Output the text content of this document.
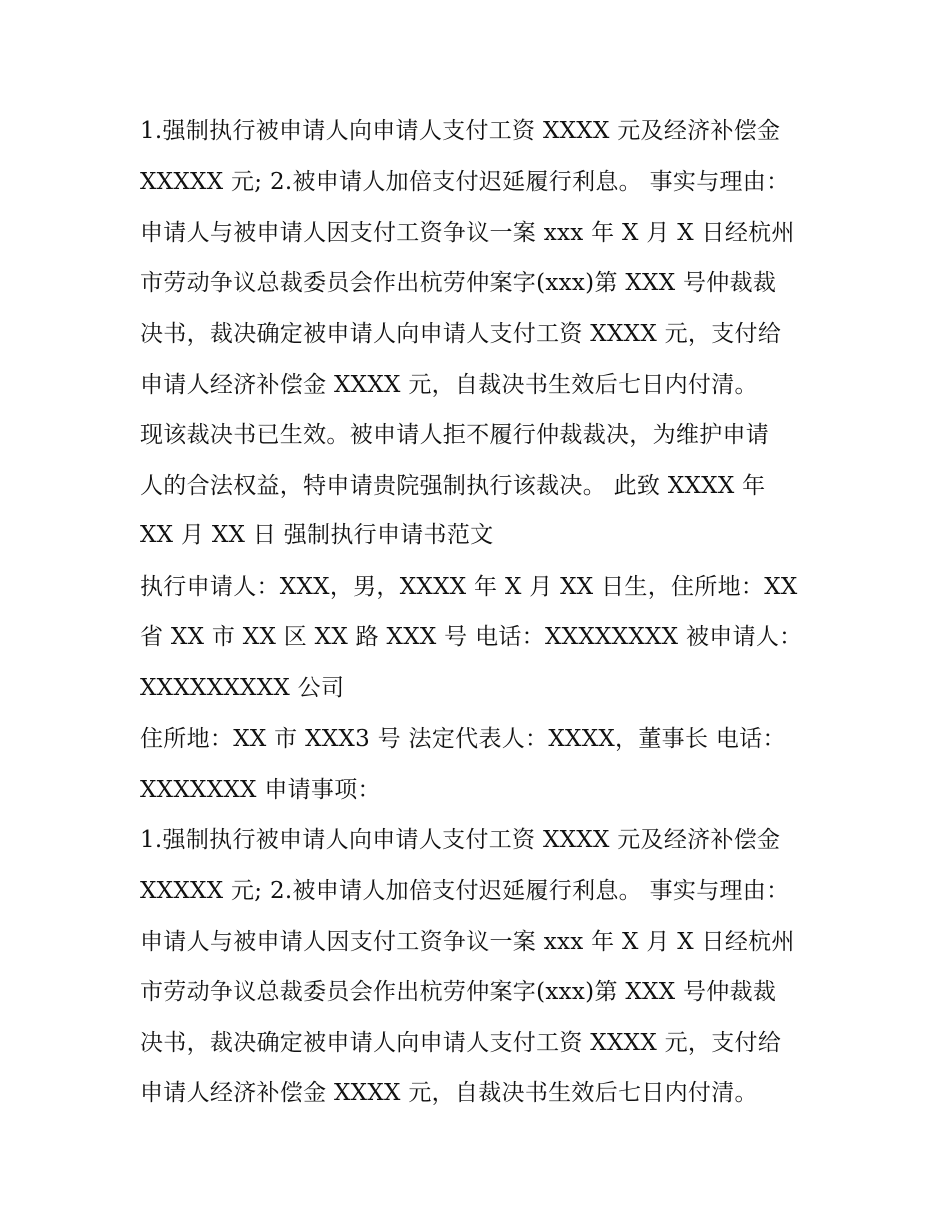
1.强制执行被申请人向申请人支付工资 XXXX 元及经济补偿金
XXXXX 元; 2.被申请人加倍支付迟延履行利息。 事实与理由：
申请人与被申请人因支付工资争议一案 xxx 年 X 月 X 日经杭州
市劳动争议总裁委员会作出杭劳仲案字(xxx)第 XXX 号仲裁裁
决书，裁决确定被申请人向申请人支付工资 XXXX 元，支付给
申请人经济补偿金 XXXX 元，自裁决书生效后七日内付清。
现该裁决书已生效。被申请人拒不履行仲裁裁决，为维护申请
人的合法权益，特申请贵院强制执行该裁决。 此致 XXXX 年
XX 月 XX 日 强制执行申请书范文
执行申请人：XXX，男，XXXX 年 X 月 XX 日生，住所地：XX
省 XX 市 XX 区 XX 路 XXX 号 电话：XXXXXXXX 被申请人：
XXXXXXXXX 公司
住所地：XX 市 XXX3 号 法定代表人：XXXX，董事长 电话：
XXXXXXX 申请事项：
1.强制执行被申请人向申请人支付工资 XXXX 元及经济补偿金
XXXXX 元; 2.被申请人加倍支付迟延履行利息。 事实与理由：
申请人与被申请人因支付工资争议一案 xxx 年 X 月 X 日经杭州
市劳动争议总裁委员会作出杭劳仲案字(xxx)第 XXX 号仲裁裁
决书，裁决确定被申请人向申请人支付工资 XXXX 元，支付给
申请人经济补偿金 XXXX 元，自裁决书生效后七日内付清。
